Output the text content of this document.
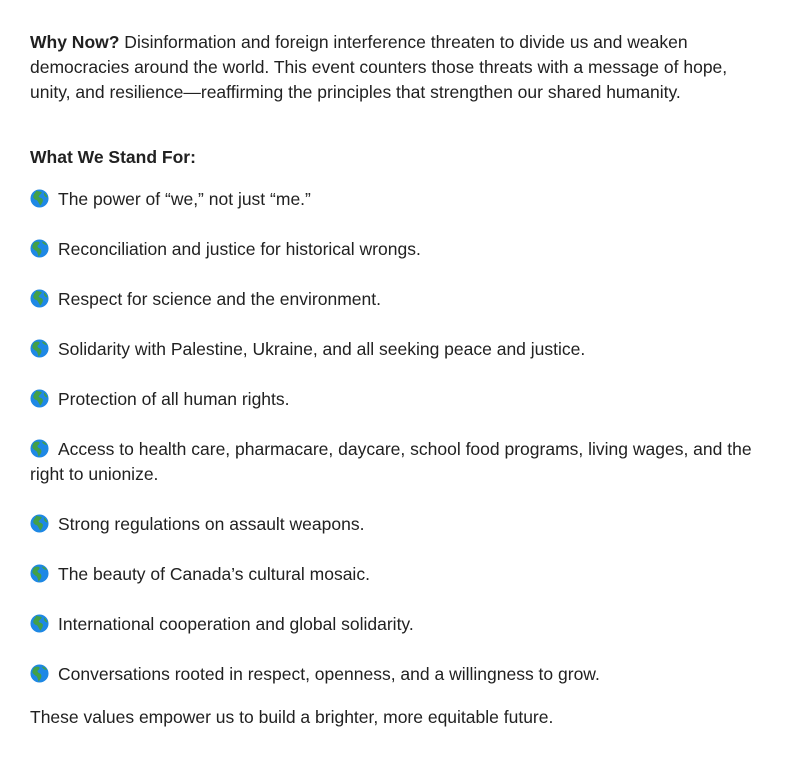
Why Now? Disinformation and foreign interference threaten to divide us and weaken democracies around the world. This event counters those threats with a message of hope, unity, and resilience—reaffirming the principles that strengthen our shared humanity.

What We Stand For:

The power of “we,” not just “me.”

Reconciliation and justice for historical wrongs.

Respect for science and the environment.

Solidarity with Palestine, Ukraine, and all seeking peace and justice.

Protection of all human rights.

Access to health care, pharmacare, daycare, school food programs, living wages, and the right to unionize.

Strong regulations on assault weapons.

The beauty of Canada’s cultural mosaic.

International cooperation and global solidarity.

Conversations rooted in respect, openness, and a willingness to grow.

These values empower us to build a brighter, more equitable future.
